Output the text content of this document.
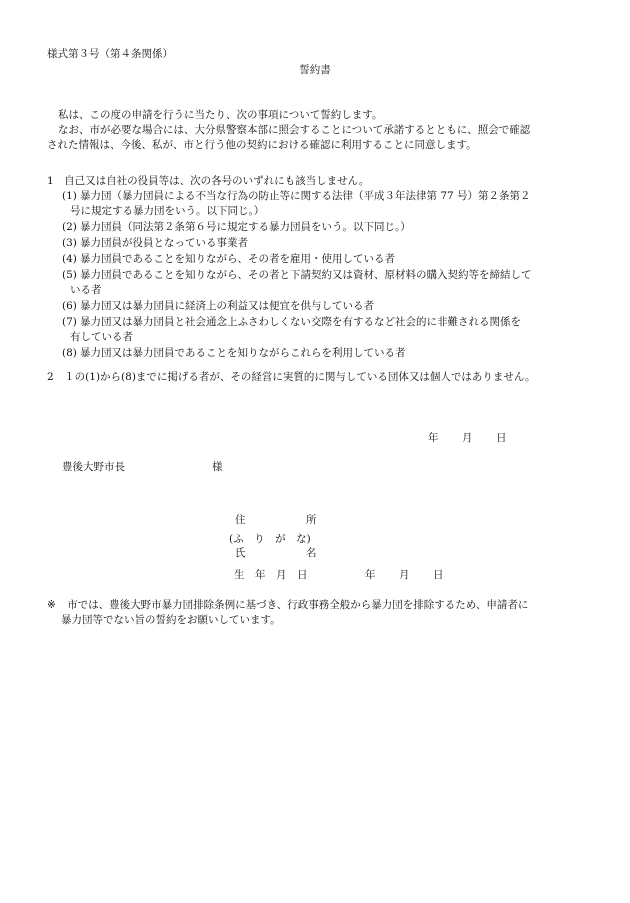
様式第３号（第４条関係）
誓約書

私は、この度の申請を行うに当たり、次の事項について誓約します。

なお、市が必要な場合には、大分県警察本部に照会することについて承諾するとともに、照会で確認

された情報は、今後、私が、市と行う他の契約における確認に利用することに同意します。

1　自己又は自社の役員等は、次の各号のいずれにも該当しません。
(1) 暴力団（暴力団員による不当な行為の防止等に関する法律（平成３年法律第 77 号）第２条第２
号に規定する暴力団をいう。以下同じ。）
(2) 暴力団員（同法第２条第６号に規定する暴力団員をいう。以下同じ。）
(3) 暴力団員が役員となっている事業者
(4) 暴力団員であることを知りながら、その者を雇用・使用している者
(5) 暴力団員であることを知りながら、その者と下請契約又は資材、原材料の購入契約等を締結して
いる者
(6) 暴力団又は暴力団員に経済上の利益又は便宜を供与している者
(7) 暴力団又は暴力団員と社会通念上ふさわしくない交際を有するなど社会的に非難される関係を
有している者
(8) 暴力団又は暴力団員であることを知りながらこれらを利用している者
2　１の(1)から(8)までに掲げる者が、その経営に実質的に関与している団体又は個人ではありません。
年 月 日
豊後大野市長	様
住	所
(ふ　り　が　な)
氏	名
生　年　月　日	年 月 日
※ 市では、豊後大野市暴力団排除条例に基づき、行政事務全般から暴力団を排除するため、申請者に
暴力団等でない旨の誓約をお願いしています。
